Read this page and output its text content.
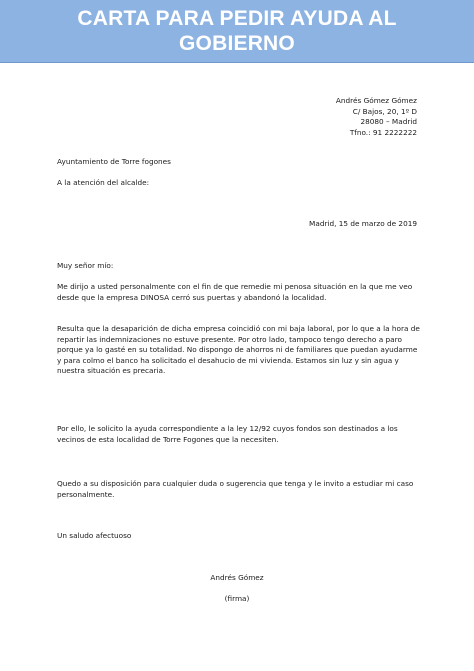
CARTA PARA PEDIR AYUDA AL
GOBIERNO
Andrés Gómez Gómez
C/ Bajos, 20, 1º D
28080 – Madrid
Tfno.: 91 2222222
Ayuntamiento de Torre fogones
A la atención del alcalde:
Madrid, 15 de marzo de 2019
Muy señor mío:
Me dirijo a usted personalmente con el fin de que remedie mi penosa situación en la que me veo
desde que la empresa DINOSA cerró sus puertas y abandonó la localidad.
Resulta que la desaparición de dicha empresa coincidió con mi baja laboral, por lo que a la hora de
repartir las indemnizaciones no estuve presente. Por otro lado, tampoco tengo derecho a paro
porque ya lo gasté en su totalidad. No dispongo de ahorros ni de familiares que puedan ayudarme
y para colmo el banco ha solicitado el desahucio de mi vivienda. Estamos sin luz y sin agua y
nuestra situación es precaria.
Por ello, le solicito la ayuda correspondiente a la ley 12/92 cuyos fondos son destinados a los
vecinos de esta localidad de Torre Fogones que la necesiten.
Quedo a su disposición para cualquier duda o sugerencia que tenga y le invito a estudiar mi caso
personalmente.
Un saludo afectuoso
Andrés Gómez
(firma)
